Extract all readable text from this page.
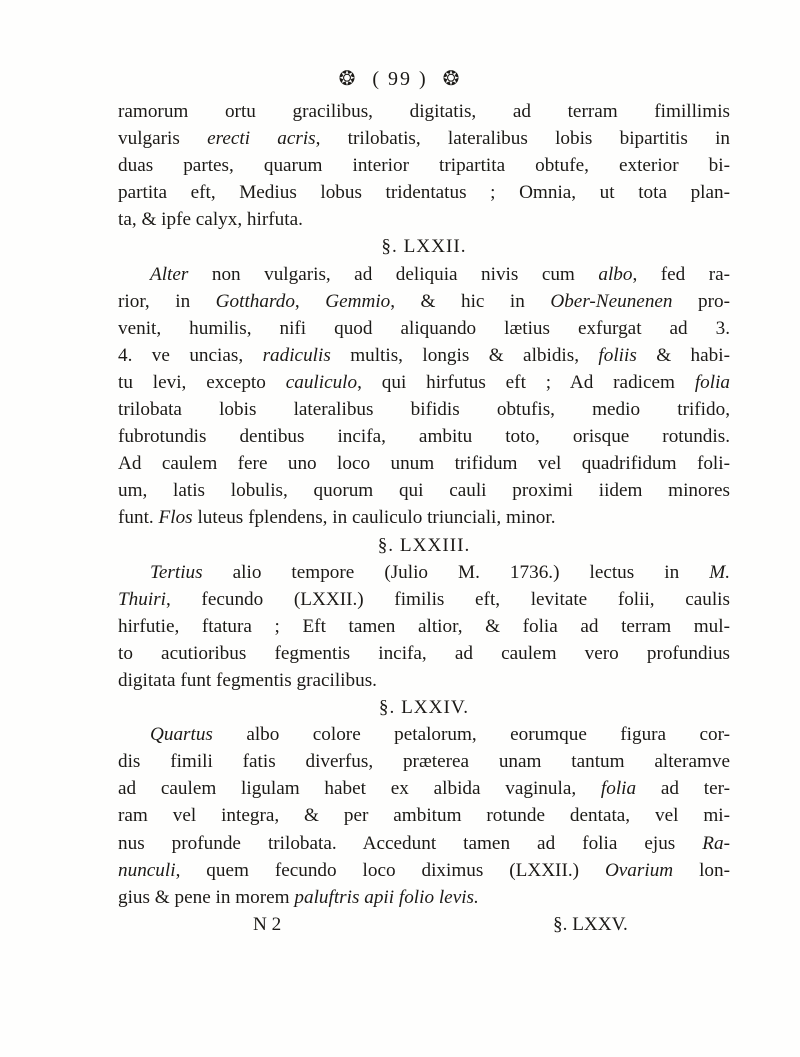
❂ ( 99 ) ❂
ramorum ortu gracilibus, digitatis, ad terram fimillimis
vulgaris erecti acris, trilobatis, lateralibus lobis bipartitis in
duas partes, quarum interior tripartita obtufe, exterior bi-
partita eft, Medius lobus tridentatus ; Omnia, ut tota plan-
ta, & ipfe calyx, hirfuta.
§. LXXII.
Alter non vulgaris, ad deliquia nivis cum albo, fed ra-
rior, in Gotthardo, Gemmio, & hic in Ober-Neunenen pro-
venit, humilis, nifi quod aliquando lætius exfurgat ad 3.
4. ve uncias, radiculis multis, longis & albidis, foliis & habi-
tu levi, excepto cauliculo, qui hirfutus eft ; Ad radicem folia
trilobata lobis lateralibus bifidis obtufis, medio trifido,
fubrotundis dentibus incifa, ambitu toto, orisque rotundis.
Ad caulem fere uno loco unum trifidum vel quadrifidum foli-
um, latis lobulis, quorum qui cauli proximi iidem minores
funt. Flos luteus fplendens, in cauliculo triunciali, minor.
§. LXXIII.
Tertius alio tempore (Julio M. 1736.) lectus in M.
Thuiri, fecundo (LXXII.) fimilis eft, levitate folii, caulis
hirfutie, ftatura ; Eft tamen altior, & folia ad terram mul-
to acutioribus fegmentis incifa, ad caulem vero profundius
digitata funt fegmentis gracilibus.
§. LXXIV.
Quartus albo colore petalorum, eorumque figura cor-
dis fimili fatis diverfus, præterea unam tantum alteramve
ad caulem ligulam habet ex albida vaginula, folia ad ter-
ram vel integra, & per ambitum rotunde dentata, vel mi-
nus profunde trilobata. Accedunt tamen ad folia ejus Ra-
nunculi, quem fecundo loco diximus (LXXII.) Ovarium lon-
gius & pene in morem paluftris apii folio levis.
N 2	§. LXXV.
